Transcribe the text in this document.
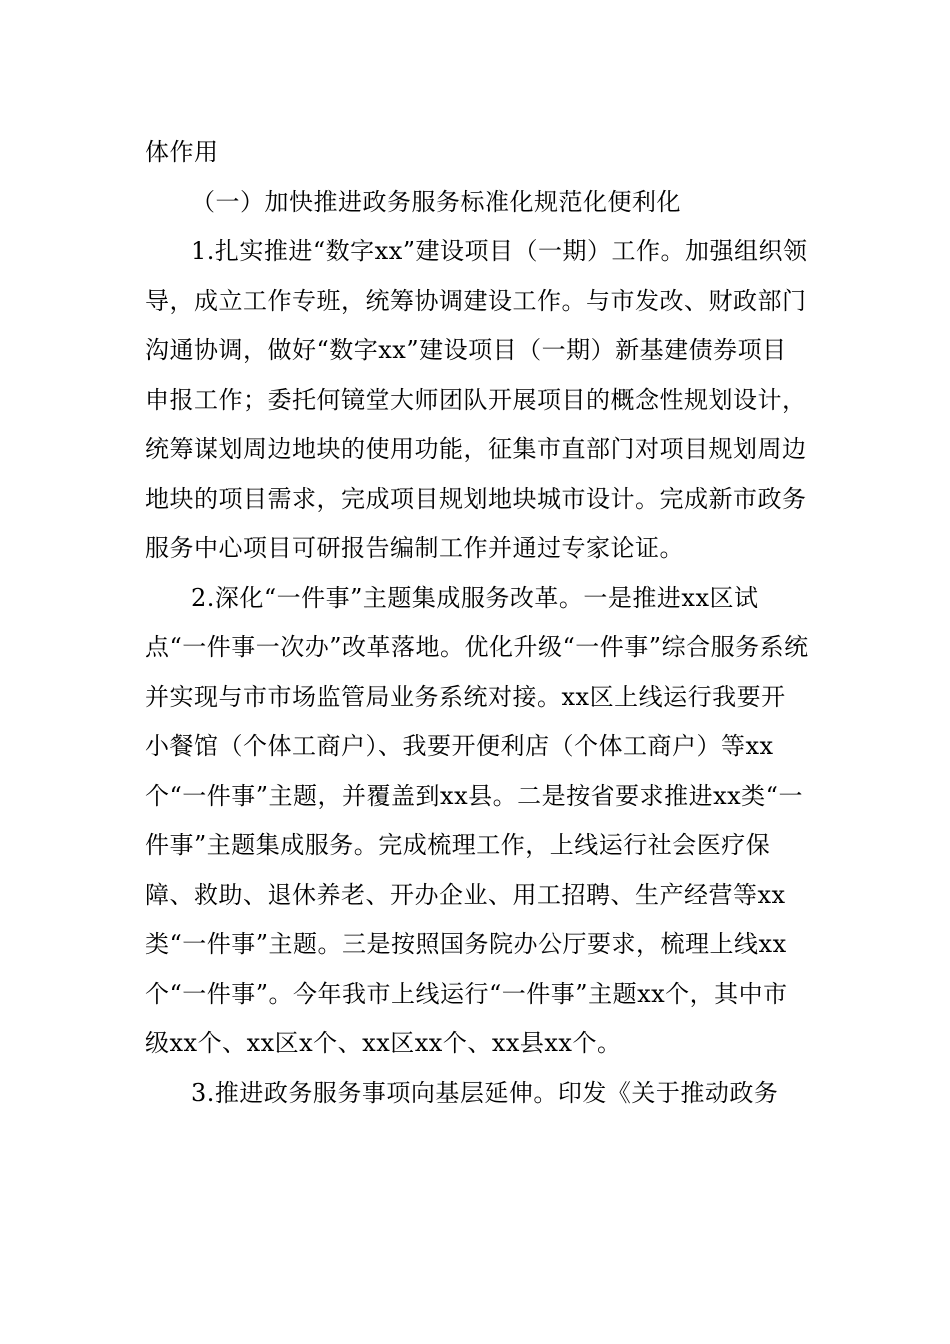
体作用

（一）加快推进政务服务标准化规范化便利化

1.扎实推进“数字xx”建设项目（一期）工作。加强组织领导，成立工作专班，统筹协调建设工作。与市发改、财政部门沟通协调，做好“数字xx”建设项目（一期）新基建债券项目申报工作；委托何镜堂大师团队开展项目的概念性规划设计，统筹谋划周边地块的使用功能，征集市直部门对项目规划周边地块的项目需求，完成项目规划地块城市设计。完成新市政务服务中心项目可研报告编制工作并通过专家论证。

2.深化“一件事”主题集成服务改革。一是推进xx区试点“一件事一次办”改革落地。优化升级“一件事”综合服务系统并实现与市市场监管局业务系统对接。xx区上线运行我要开小餐馆（个体工商户）、我要开便利店（个体工商户）等xx个“一件事”主题，并覆盖到xx县。二是按省要求推进xx类“一件事”主题集成服务。完成梳理工作，上线运行社会医疗保障、救助、退休养老、开办企业、用工招聘、生产经营等xx类“一件事”主题。三是按照国务院办公厅要求，梳理上线xx个“一件事”。今年我市上线运行“一件事”主题xx个，其中市级xx个、xx区x个、xx区xx个、xx县xx个。

3.推进政务服务事项向基层延伸。印发《关于推动政务
